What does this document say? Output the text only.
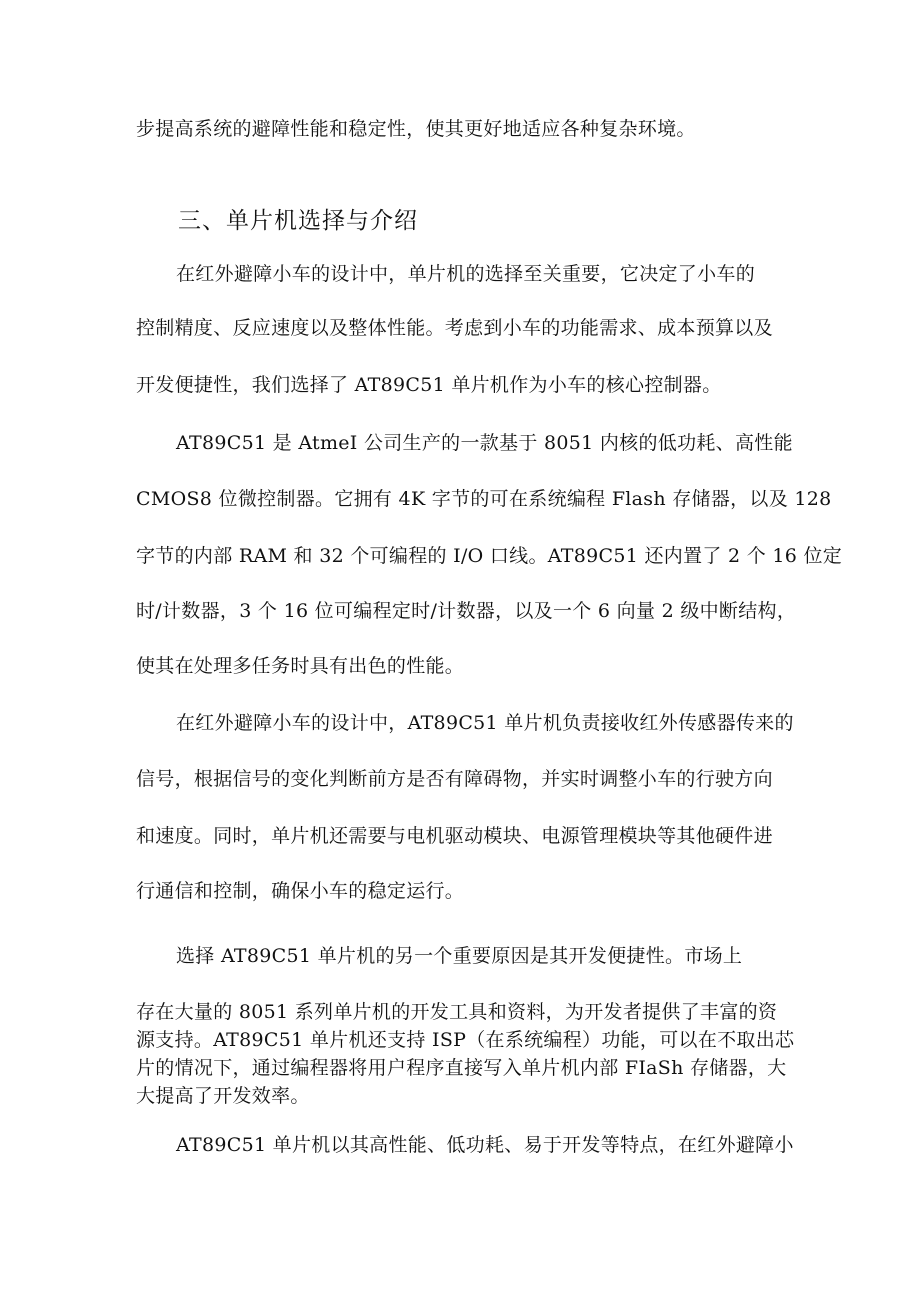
步提高系统的避障性能和稳定性，使其更好地适应各种复杂环境。
三、单片机选择与介绍
在红外避障小车的设计中，单片机的选择至关重要，它决定了小车的
控制精度、反应速度以及整体性能。考虑到小车的功能需求、成本预算以及
开发便捷性，我们选择了 AT89C51 单片机作为小车的核心控制器。
AT89C51 是 AtmeI 公司生产的一款基于 8051 内核的低功耗、高性能
CMOS8 位微控制器。它拥有 4K 字节的可在系统编程 Flash 存储器，以及 128
字节的内部 RAM 和 32 个可编程的 I/O 口线。AT89C51 还内置了 2 个 16 位定
时/计数器，3 个 16 位可编程定时/计数器，以及一个 6 向量 2 级中断结构，
使其在处理多任务时具有出色的性能。
在红外避障小车的设计中，AT89C51 单片机负责接收红外传感器传来的
信号，根据信号的变化判断前方是否有障碍物，并实时调整小车的行驶方向
和速度。同时，单片机还需要与电机驱动模块、电源管理模块等其他硬件进
行通信和控制，确保小车的稳定运行。
选择 AT89C51 单片机的另一个重要原因是其开发便捷性。市场上
存在大量的 8051 系列单片机的开发工具和资料，为开发者提供了丰富的资
源支持。AT89C51 单片机还支持 ISP（在系统编程）功能，可以在不取出芯
片的情况下，通过编程器将用户程序直接写入单片机内部 FIaSh 存储器，大
大提高了开发效率。
AT89C51 单片机以其高性能、低功耗、易于开发等特点，在红外避障小
